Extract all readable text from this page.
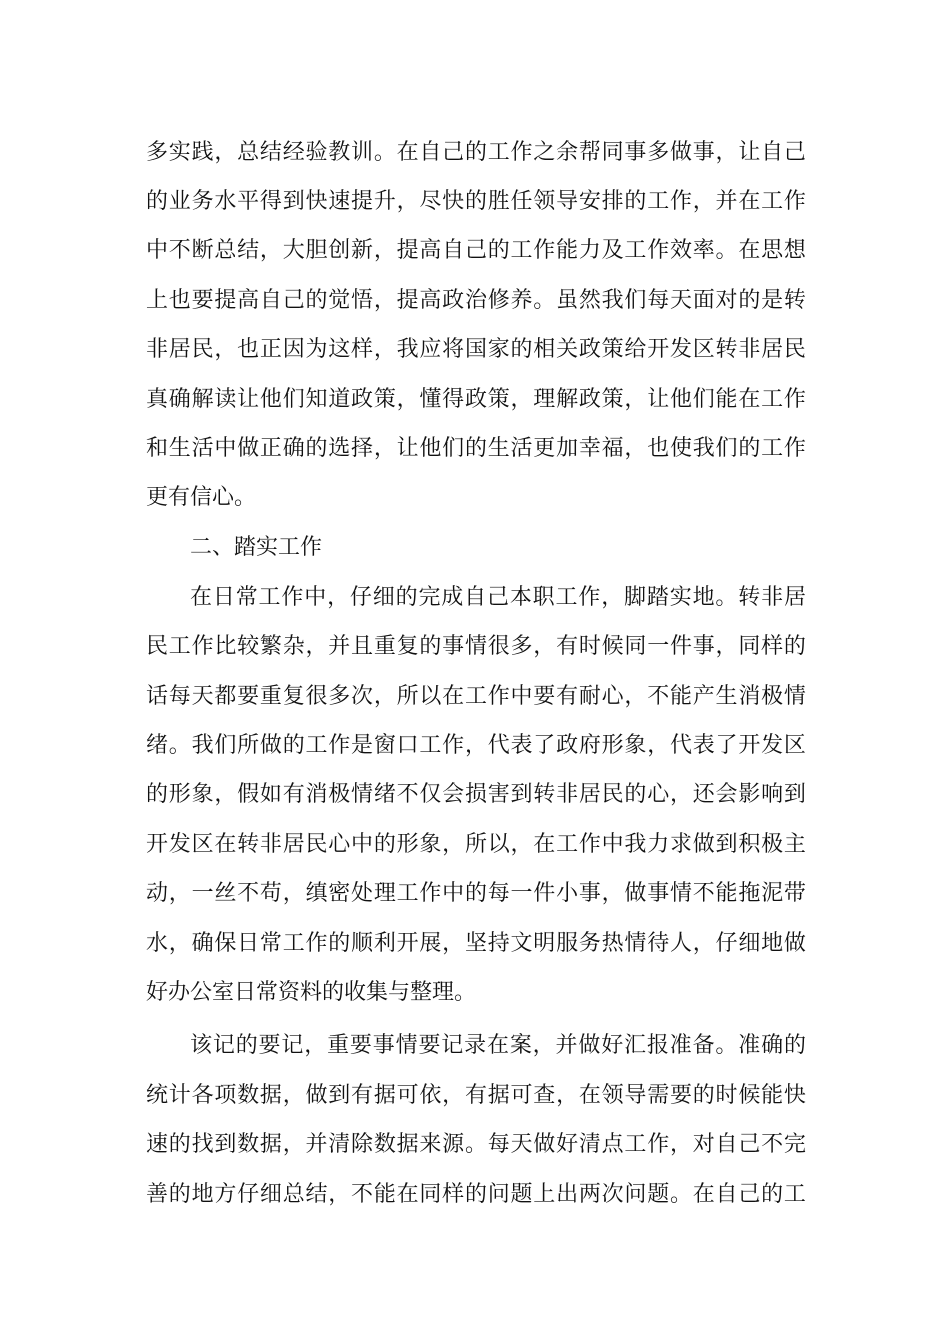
多 实 践 ， 总 结 经 验 教 训 。 在 自 己 的 工 作 之 余 帮 同 事 多 做 事 ， 让 自 己
的 业 务 水 平 得 到 快 速 提 升 ， 尽 快 的 胜 任 领 导 安 排 的 工 作 ， 并 在 工 作
中 不 断 总 结 ， 大 胆 创 新 ， 提 高 自 己 的 工 作 能 力 及 工 作 效 率 。 在 思 想
上 也 要 提 高 自 己 的 觉 悟 ， 提 高 政 治 修 养 。 虽 然 我 们 每 天 面 对 的 是 转
非 居 民 ， 也 正 因 为 这 样 ， 我 应 将 国 家 的 相 关 政 策 给 开 发 区 转 非 居 民
真 确 解 读 让 他 们 知 道 政 策 ， 懂 得 政 策 ， 理 解 政 策 ， 让 他 们 能 在 工 作
和 生 活 中 做 正 确 的 选 择 ， 让 他 们 的 生 活 更 加 幸 福 ， 也 使 我 们 的 工 作
更有信心。
二、踏实工作
在 日 常 工 作 中 ， 仔 细 的 完 成 自 己 本 职 工 作 ， 脚 踏 实 地 。 转 非 居
民 工 作 比 较 繁 杂 ， 并 且 重 复 的 事 情 很 多 ， 有 时 候 同 一 件 事 ， 同 样 的
话 每 天 都 要 重 复 很 多 次 ， 所 以 在 工 作 中 要 有 耐 心 ， 不 能 产 生 消 极 情
绪 。 我 们 所 做 的 工 作 是 窗 口 工 作 ， 代 表 了 政 府 形 象 ， 代 表 了 开 发 区
的 形 象 ， 假 如 有 消 极 情 绪 不 仅 会 损 害 到 转 非 居 民 的 心 ， 还 会 影 响 到
开 发 区 在 转 非 居 民 心 中 的 形 象 ， 所 以 ， 在 工 作 中 我 力 求 做 到 积 极 主
动 ， 一 丝 不 苟 ， 缜 密 处 理 工 作 中 的 每 一 件 小 事 ， 做 事 情 不 能 拖 泥 带
水 ， 确 保 日 常 工 作 的 顺 利 开 展 ， 坚 持 文 明 服 务 热 情 待 人 ， 仔 细 地 做
好办公室日常资料的收集与整理。
该 记 的 要 记 ， 重 要 事 情 要 记 录 在 案 ， 并 做 好 汇 报 准 备 。 准 确 的
统 计 各 项 数 据 ， 做 到 有 据 可 依 ， 有 据 可 查 ， 在 领 导 需 要 的 时 候 能 快
速 的 找 到 数 据 ， 并 清 除 数 据 来 源 。 每 天 做 好 清 点 工 作 ， 对 自 己 不 完
善 的 地 方 仔 细 总 结 ， 不 能 在 同 样 的 问 题 上 出 两 次 问 题 。 在 自 己 的 工
